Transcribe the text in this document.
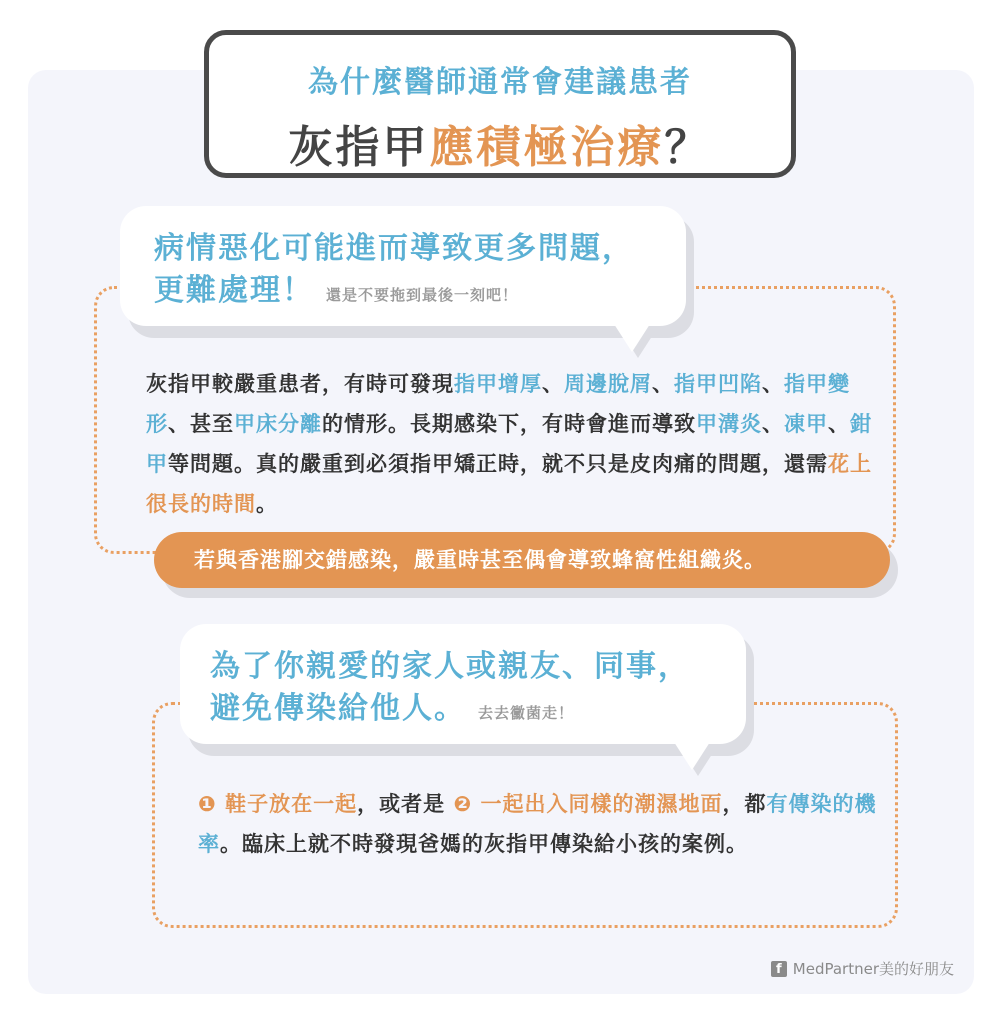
為什麼醫師通常會建議患者
灰指甲應積極治療？
病情惡化可能進而導致更多問題，
更難處理！ 還是不要拖到最後一刻吧！
灰指甲較嚴重患者，有時可發現指甲增厚、周邊脫屑、指甲凹陷、指甲變形、甚至甲床分離的情形。長期感染下，有時會進而導致甲溝炎、凍甲、鉗甲等問題。真的嚴重到必須指甲矯正時，就不只是皮肉痛的問題，還需花上很長的時間。
若與香港腳交錯感染，嚴重時甚至偶會導致蜂窩性組織炎。
為了你親愛的家人或親友、同事，
避免傳染給他人。 去去黴菌走！
❶ 鞋子放在一起，或者是 ❷ 一起出入同樣的潮濕地面，都有傳染的機率。臨床上就不時發現爸媽的灰指甲傳染給小孩的案例。
f MedPartner美的好朋友
